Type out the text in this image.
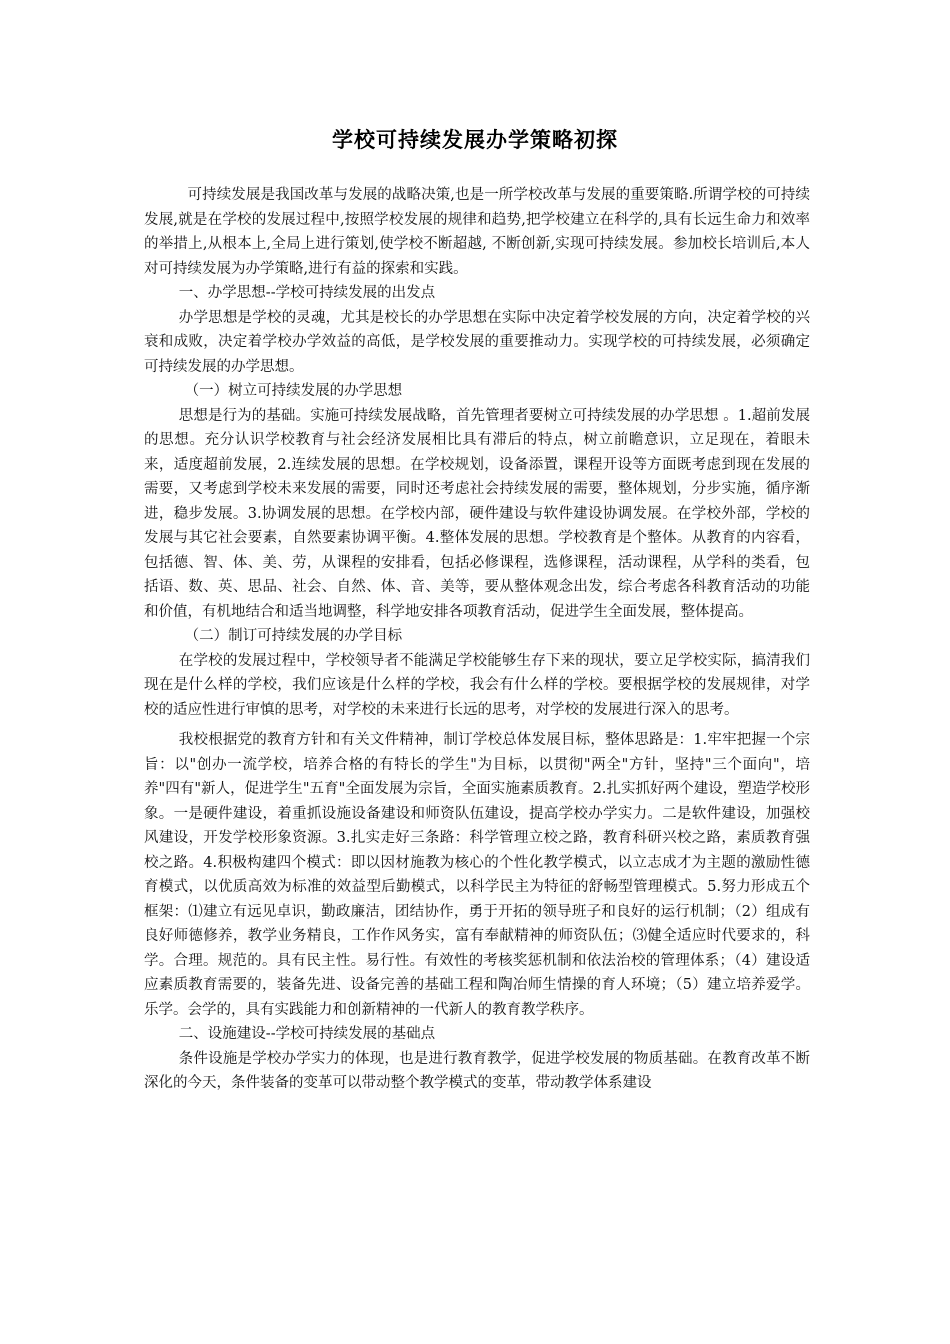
学校可持续发展办学策略初探

可持续发展是我国改革与发展的战略决策,也是一所学校改革与发展的重要策略.所谓学校的可持续发展,就是在学校的发展过程中,按照学校发展的规律和趋势,把学校建立在科学的,具有长远生命力和效率的举措上,从根本上,全局上进行策划,使学校不断超越, 不断创新,实现可持续发展。参加校长培训后,本人对可持续发展为办学策略,进行有益的探索和实践。

一、办学思想--学校可持续发展的出发点

办学思想是学校的灵魂，尤其是校长的办学思想在实际中决定着学校发展的方向，决定着学校的兴衰和成败，决定着学校办学效益的高低，是学校发展的重要推动力。实现学校的可持续发展，必须确定可持续发展的办学思想。

（一）树立可持续发展的办学思想

思想是行为的基础。实施可持续发展战略，首先管理者要树立可持续发展的办学思想 。1.超前发展的思想。充分认识学校教育与社会经济发展相比具有滞后的特点，树立前瞻意识，立足现在，着眼未来，适度超前发展，2.连续发展的思想。在学校规划，设备添置，课程开设等方面既考虑到现在发展的需要，又考虑到学校未来发展的需要，同时还考虑社会持续发展的需要，整体规划，分步实施，循序渐进，稳步发展。3.协调发展的思想。在学校内部，硬件建设与软件建设协调发展。在学校外部，学校的发展与其它社会要素，自然要素协调平衡。4.整体发展的思想。学校教育是个整体。从教育的内容看，包括德、智、体、美、劳，从课程的安排看，包括必修课程，选修课程，活动课程，从学科的类看，包括语、数、英、思品、社会、自然、体、音、美等，要从整体观念出发，综合考虑各科教育活动的功能和价值，有机地结合和适当地调整，科学地安排各项教育活动，促进学生全面发展，整体提高。

（二）制订可持续发展的办学目标

在学校的发展过程中，学校领导者不能满足学校能够生存下来的现状，要立足学校实际，搞清我们现在是什么样的学校，我们应该是什么样的学校，我会有什么样的学校。要根据学校的发展规律，对学校的适应性进行审慎的思考，对学校的未来进行长远的思考，对学校的发展进行深入的思考。

我校根据党的教育方针和有关文件精神，制订学校总体发展目标，整体思路是：1.牢牢把握一个宗旨：以"创办一流学校，培养合格的有特长的学生"为目标，以贯彻"两全"方针，坚持"三个面向"，培养"四有"新人，促进学生"五育"全面发展为宗旨，全面实施素质教育。2.扎实抓好两个建设，塑造学校形象。一是硬件建设，着重抓设施设备建设和师资队伍建设，提高学校办学实力。二是软件建设，加强校风建设，开发学校形象资源。3.扎实走好三条路：科学管理立校之路，教育科研兴校之路，素质教育强校之路。4.积极构建四个模式：即以因材施教为核心的个性化教学模式，以立志成才为主题的激励性德育模式，以优质高效为标准的效益型后勤模式，以科学民主为特征的舒畅型管理模式。5.努力形成五个框架：⑴建立有远见卓识，勤政廉洁，团结协作，勇于开拓的领导班子和良好的运行机制；（2）组成有良好师德修养，教学业务精良，工作作风务实，富有奉献精神的师资队伍；⑶健全适应时代要求的，科学。合理。规范的。具有民主性。易行性。有效性的考核奖惩机制和依法治校的管理体系；（4）建设适应素质教育需要的，装备先进、设备完善的基础工程和陶冶师生情操的育人环境；（5）建立培养爱学。乐学。会学的，具有实践能力和创新精神的一代新人的教育教学秩序。

二、设施建设--学校可持续发展的基础点

条件设施是学校办学实力的体现，也是进行教育教学，促进学校发展的物质基础。在教育改革不断深化的今天，条件装备的变革可以带动整个教学模式的变革，带动教学体系建设
